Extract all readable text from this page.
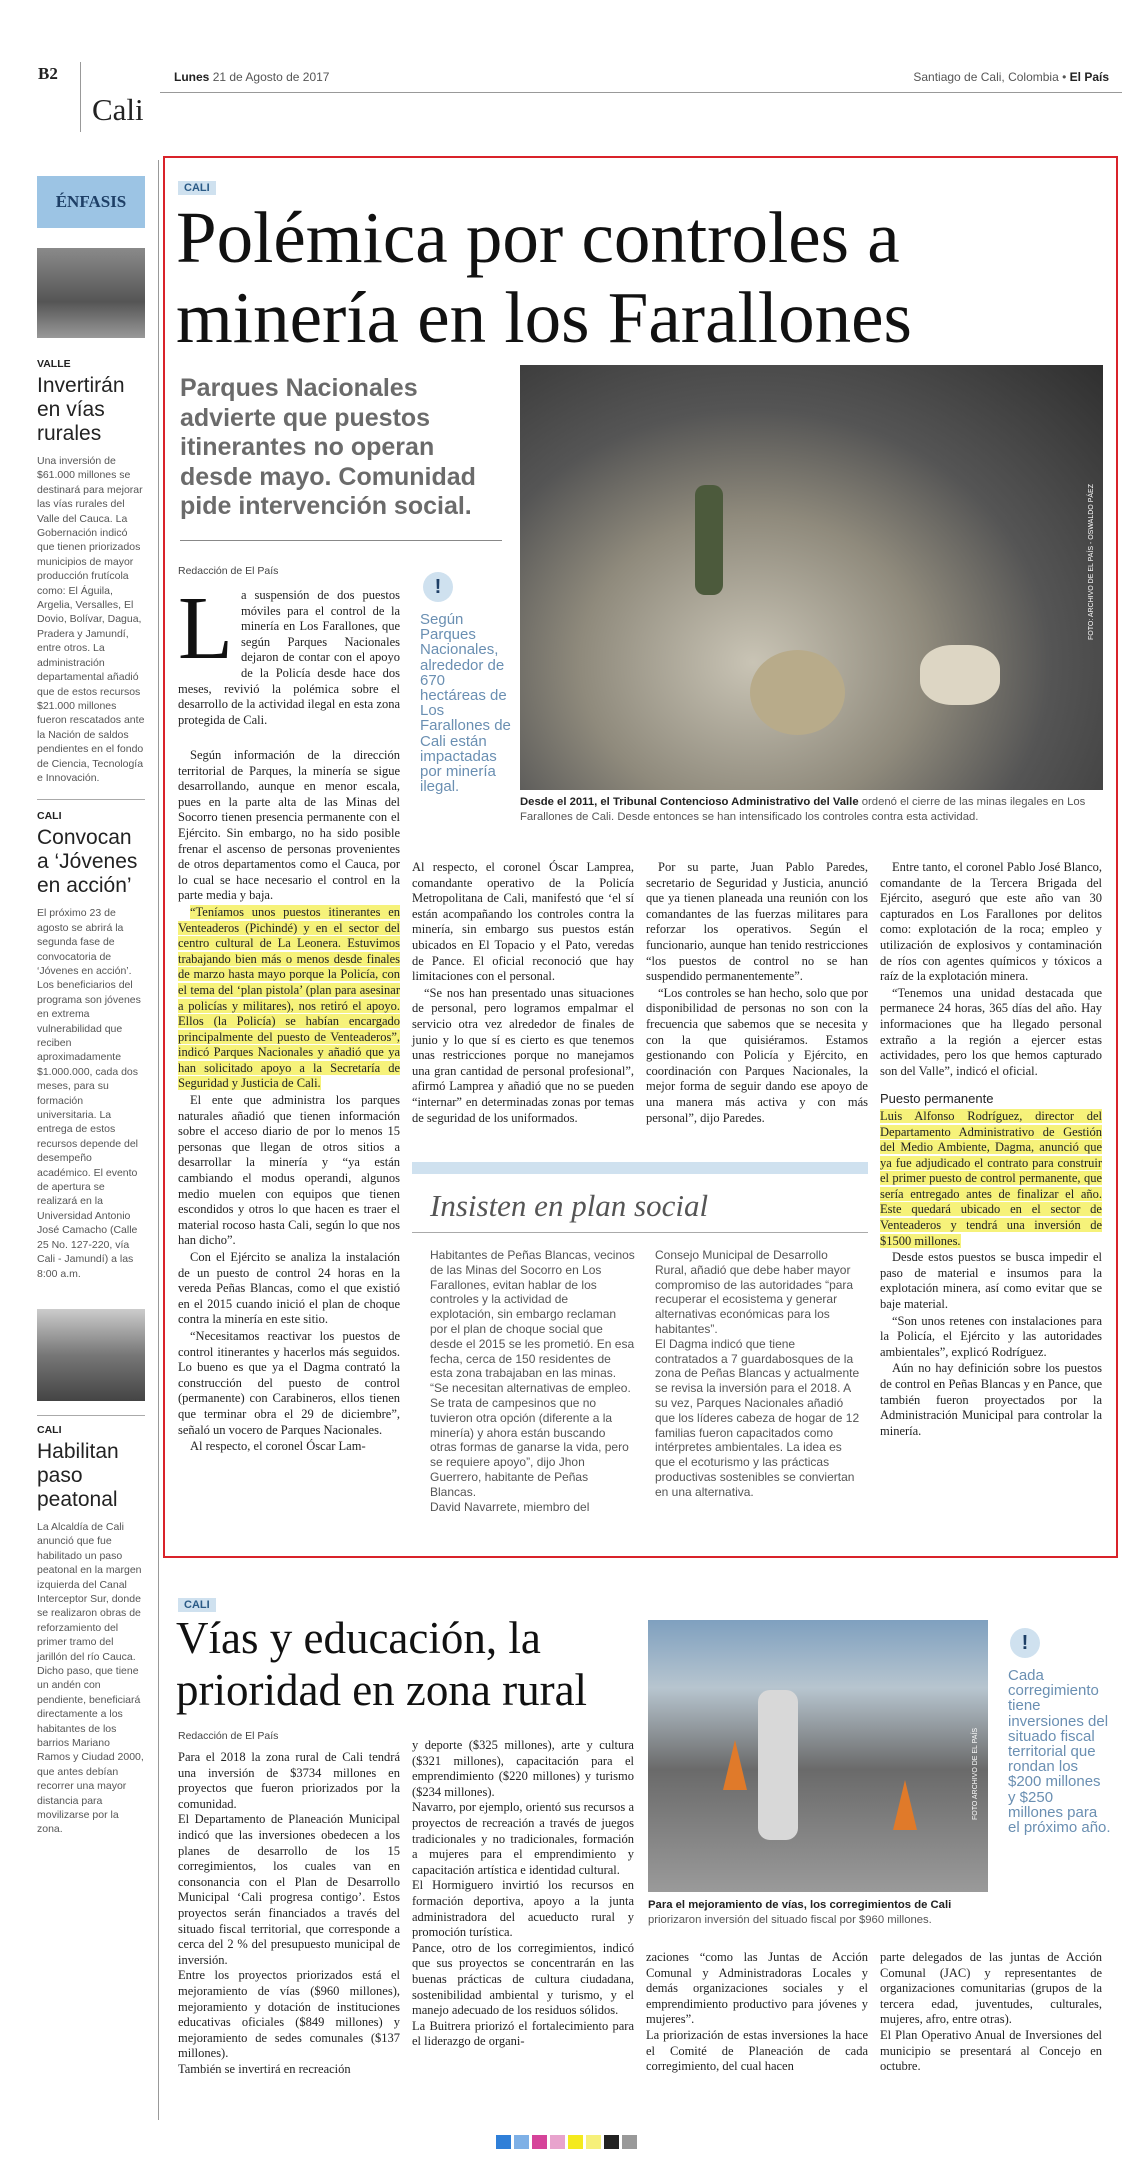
B2	Lunes 21 de Agosto de 2017
Cali
Santiago de Cali, Colombia • El País
ÉNFASIS
VALLE
Invertirán en vías rurales
Una inversión de $61.000 millones se destinará para mejorar las vías rurales del Valle del Cauca. La Gobernación indicó que tienen priorizados municipios de mayor producción frutícola como: El Águila, Argelia, Versalles, El Dovio, Bolívar, Dagua, Pradera y Jamundí, entre otros. La administración departamental añadió que de estos recursos $21.000 millones fueron rescatados ante la Nación de saldos pendientes en el fondo de Ciencia, Tecnología e Innovación.
CALI
Convocan a ‘Jóvenes en acción’
El próximo 23 de agosto se abrirá la segunda fase de convocatoria de ‘Jóvenes en acción’. Los beneficiarios del programa son jóvenes en extrema vulnerabilidad que reciben aproximadamente $1.000.000, cada dos meses, para su formación universitaria. La entrega de estos recursos depende del desempeño académico. El evento de apertura se realizará en la Universidad Antonio José Camacho (Calle 25 No. 127-220, vía Cali - Jamundí) a las 8:00 a.m.
CALI
Habilitan paso peatonal
La Alcaldía de Cali anunció que fue habilitado un paso peatonal en la margen izquierda del Canal Interceptor Sur, donde se realizaron obras de reforzamiento del primer tramo del jarillón del río Cauca. Dicho paso, que tiene un andén con pendiente, beneficiará directamente a los habitantes de los barrios Mariano Ramos y Ciudad 2000, que antes debían recorrer una mayor distancia para movilizarse por la zona.
CALI
Polémica por controles a minería en los Farallones
Parques Nacionales advierte que puestos itinerantes no operan desde mayo. Comunidad pide intervención social.	FOTO: ARCHIVO DE EL PAÍS - OSWALDO PÁEZ
Desde el 2011, el Tribunal Contencioso Administrativo del Valle ordenó el cierre de las minas ilegales en Los Farallones de Cali. Desde entonces se han intensificado los controles contra esta actividad.
Redacción de El País
L a suspensión de dos puestos móviles para el control de la minería en Los Farallones, que según Parques Nacionales dejaron de contar con el apoyo de la Policía desde hace dos meses, revivió la polémica sobre el desarrollo de la actividad ilegal en esta zona protegida de Cali.
!
Según Parques Nacionales, alrededor de 670 hectáreas de Los Farallones de Cali están impactadas por minería ilegal.

Según información de la dirección territorial de Parques, la minería se sigue desarrollando, aunque en menor escala, pues en la parte alta de las Minas del Socorro tienen presencia permanente con el Ejército. Sin embargo, no ha sido posible frenar el ascenso de personas provenientes de otros departamentos como el Cauca, por lo cual se hace necesario el control en la parte media y baja.

“Teníamos unos puestos itinerantes en Venteaderos (Pichindé) y en el sector del centro cultural de La Leonera. Estuvimos trabajando bien más o menos desde finales de marzo hasta mayo porque la Policía, con el tema del ‘plan pistola’ (plan para asesinar a policías y militares), nos retiró el apoyo. Ellos (la Policía) se habían encargado principalmente del puesto de Venteaderos”, indicó Parques Nacionales y añadió que ya han solicitado apoyo a la Secretaría de Seguridad y Justicia de Cali.

El ente que administra los parques naturales añadió que tienen información sobre el acceso diario de por lo menos 15 personas que llegan de otros sitios a desarrollar la minería y “ya están cambiando el modus operandi, algunos medio muelen con equipos que tienen escondidos y otros lo que hacen es traer el material rocoso hasta Cali, según lo que nos han dicho”.

Con el Ejército se analiza la instalación de un puesto de control 24 horas en la vereda Peñas Blancas, como el que existió en el 2015 cuando inició el plan de choque contra la minería en este sitio.

“Necesitamos reactivar los puestos de control itinerantes y hacerlos más seguidos. Lo bueno es que ya el Dagma contrató la construcción del puesto de control (permanente) con Carabineros, ellos tienen que terminar obra el 29 de diciembre”, señaló un vocero de Parques Nacionales.

Al respecto, el coronel Óscar Lam-

Al respecto, el coronel Óscar Lamprea, comandante operativo de la Policía Metropolitana de Cali, manifestó que ‘el sí están acompañando los controles contra la minería, sin embargo sus puestos están ubicados en El Topacio y el Pato, veredas de Pance. El oficial reconoció que hay limitaciones con el personal.

“Se nos han presentado unas situaciones de personal, pero logramos empalmar el servicio otra vez alrededor de finales de junio y lo que sí es cierto es que tenemos unas restricciones porque no manejamos una gran cantidad de personal profesional”, afirmó Lamprea y añadió que no se pueden “internar” en determinadas zonas por temas de seguridad de los uniformados.

Por su parte, Juan Pablo Paredes, secretario de Seguridad y Justicia, anunció que ya tienen planeada una reunión con los comandantes de las fuerzas militares para reforzar los operativos. Según el funcionario, aunque han tenido restricciones “los puestos de control no se han suspendido permanentemente”.

“Los controles se han hecho, solo que por disponibilidad de personas no son con la frecuencia que sabemos que se necesita y con la que quisiéramos. Estamos gestionando con Policía y Ejército, en coordinación con Parques Nacionales, la mejor forma de seguir dando ese apoyo de una manera más activa y con más personal”, dijo Paredes.

Entre tanto, el coronel Pablo José Blanco, comandante de la Tercera Brigada del Ejército, aseguró que este año van 30 capturados en Los Farallones por delitos como: explotación de la roca; empleo y utilización de explosivos y contaminación de ríos con agentes químicos y tóxicos a raíz de la explotación minera.

“Tenemos una unidad destacada que permanece 24 horas, 365 días del año. Hay informaciones que ha llegado personal extraño a la región a ejercer estas actividades, pero los que hemos capturado son del Valle”, indicó el oficial.

Puesto permanente

Luis Alfonso Rodríguez, director del Departamento Administrativo de Gestión del Medio Ambiente, Dagma, anunció que ya fue adjudicado el contrato para construir el primer puesto de control permanente, que sería entregado antes de finalizar el año. Este quedará ubicado en el sector de Venteaderos y tendrá una inversión de $1500 millones.

Desde estos puestos se busca impedir el paso de material e insumos para la explotación minera, así como evitar que se baje material.

“Son unos retenes con instalaciones para la Policía, el Ejército y las autoridades ambientales”, explicó Rodríguez.

Aún no hay definición sobre los puestos de control en Peñas Blancas y en Pance, que también fueron proyectados por la Administración Municipal para controlar la minería.

Insisten en plan social
Habitantes de Peñas Blancas, vecinos de las Minas del Socorro en Los Farallones, evitan hablar de los controles y la actividad de explotación, sin embargo reclaman por el plan de choque social que desde el 2015 se les prometió. En esa fecha, cerca de 150 residentes de esta zona trabajaban en las minas.
“Se necesitan alternativas de empleo. Se trata de campesinos que no tuvieron otra opción (diferente a la minería) y ahora están buscando otras formas de ganarse la vida, pero se requiere apoyo”, dijo Jhon Guerrero, habitante de Peñas Blancas.
David Navarrete, miembro del
Consejo Municipal de Desarrollo Rural, añadió que debe haber mayor compromiso de las autoridades “para recuperar el ecosistema y generar alternativas económicas para los habitantes”.
El Dagma indicó que tiene contratados a 7 guardabosques de la zona de Peñas Blancas y actualmente se revisa la inversión para el 2018. A su vez, Parques Nacionales añadió que los líderes cabeza de hogar de 12 familias fueron capacitados como intérpretes ambientales. La idea es que el ecoturismo y las prácticas productivas sostenibles se conviertan en una alternativa.
CALI
Vías y educación, la prioridad en zona rural
Redacción de El País
Para el 2018 la zona rural de Cali tendrá una inversión de $3734 millones en proyectos que fueron priorizados por la comunidad.
El Departamento de Planeación Municipal indicó que las inversiones obedecen a los planes de desarrollo de los 15 corregimientos, los cuales van en consonancia con el Plan de Desarrollo Municipal ‘Cali progresa contigo’. Estos proyectos serán financiados a través del situado fiscal territorial, que corresponde a cerca del 2 % del presupuesto municipal de inversión.
Entre los proyectos priorizados está el mejoramiento de vías ($960 millones), mejoramiento y dotación de instituciones educativas oficiales ($849 millones) y mejoramiento de sedes comunales ($137 millones).
También se invertirá en recreación
y deporte ($325 millones), arte y cultura ($321 millones), capacitación para el emprendimiento ($220 millones) y turismo ($234 millones).
Navarro, por ejemplo, orientó sus recursos a proyectos de recreación a través de juegos tradicionales y no tradicionales, formación a mujeres para el emprendimiento y capacitación artística e identidad cultural.
El Hormiguero invirtió los recursos en formación deportiva, apoyo a la junta administradora del acueducto rural y promoción turística.
Pance, otro de los corregimientos, indicó que sus proyectos se concentrarán en las buenas prácticas de cultura ciudadana, sostenibilidad ambiental y turismo, y el manejo adecuado de los residuos sólidos.
La Buitrera priorizó el fortalecimiento para el liderazgo de organi-
FOTO ARCHIVO DE EL PAÍS
Para el mejoramiento de vías, los corregimientos de Cali priorizaron inversión del situado fiscal por $960 millones.
!
Cada corregimiento tiene inversiones del situado fiscal territorial que rondan los $200 millones y $250 millones para el próximo año.
zaciones “como las Juntas de Acción Comunal y Administradoras Locales y demás organizaciones sociales y el emprendimiento productivo para jóvenes y mujeres”.
La priorización de estas inversiones la hace el Comité de Planeación de cada corregimiento, del cual hacen
parte delegados de las juntas de Acción Comunal (JAC) y representantes de organizaciones comunitarias (grupos de la tercera edad, juventudes, culturales, mujeres, afro, entre otras).
El Plan Operativo Anual de Inversiones del municipio se presentará al Concejo en octubre.
